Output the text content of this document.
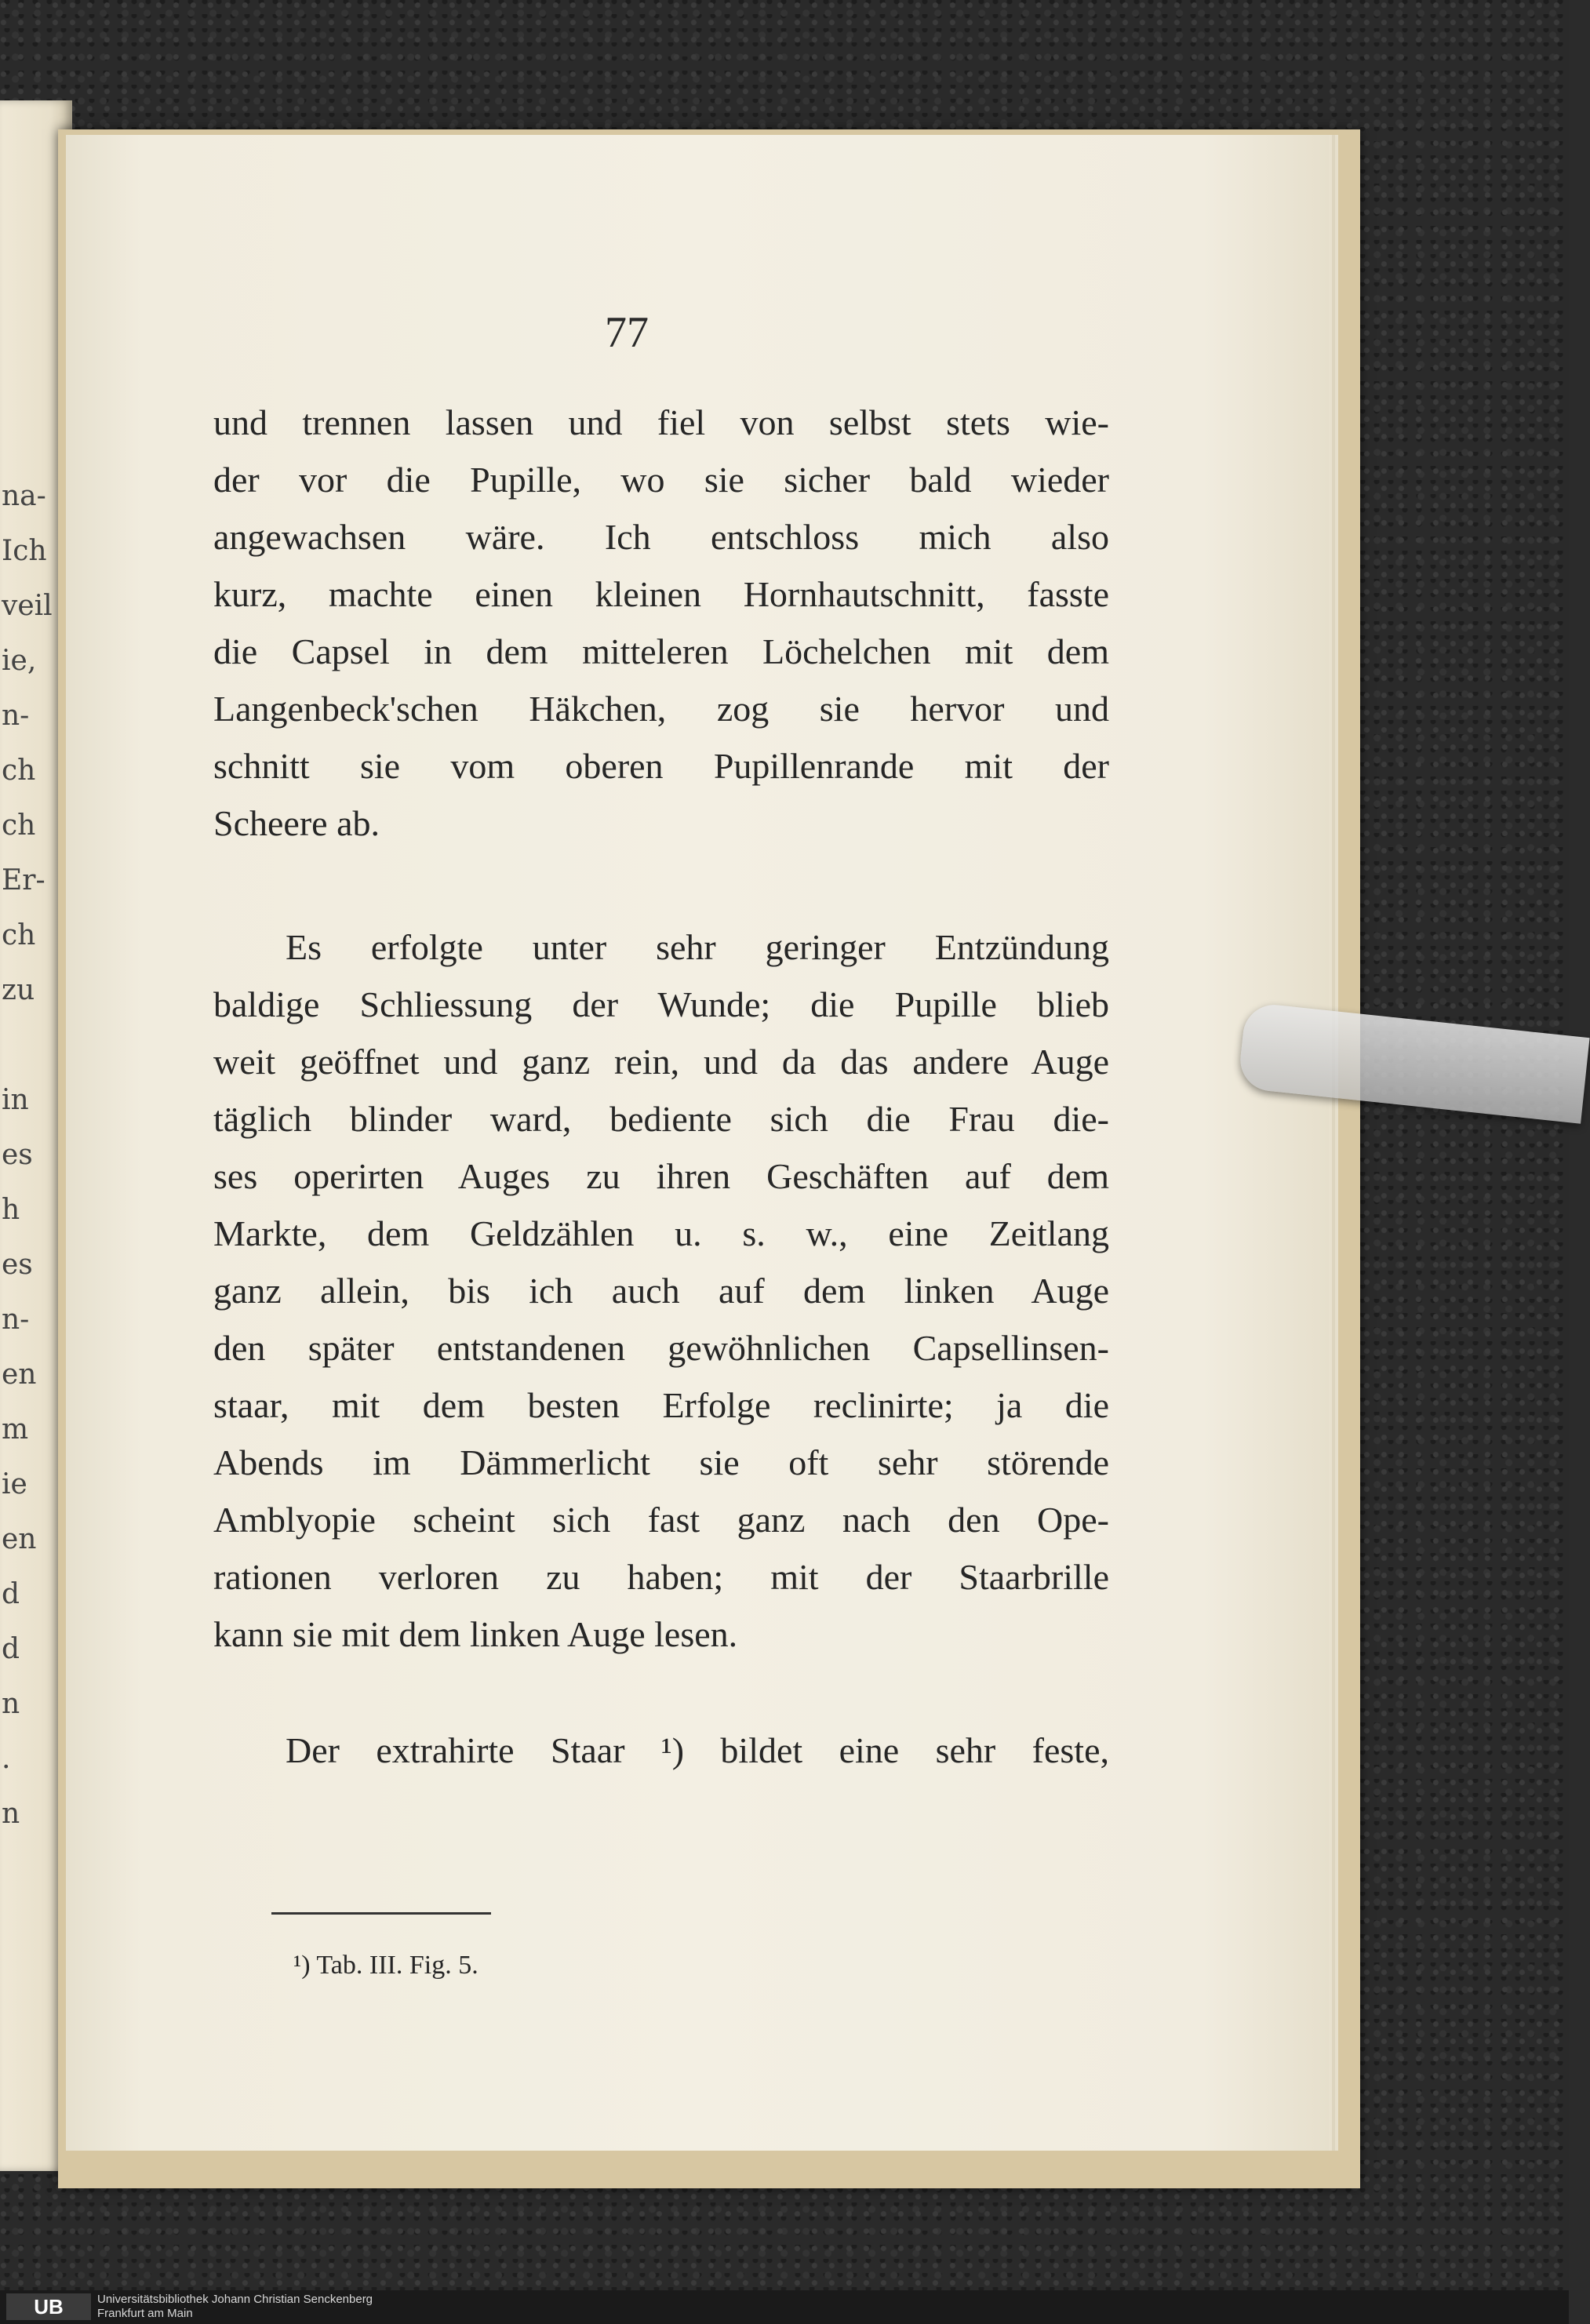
na-
Ich
veil
ie,
n-
ch
ch
Er-
ch
zu
in
es
h
es
n-
en
m
ie
en
d
d
n
.
n
77
und trennen lassen und fiel von selbst stets wie-
der vor die Pupille, wo sie sicher bald wieder
angewachsen wäre. Ich entschloss mich also
kurz, machte einen kleinen Hornhautschnitt, fasste
die Capsel in dem mitteleren Löchelchen mit dem
Langenbeck'schen Häkchen, zog sie hervor und
schnitt sie vom oberen Pupillenrande mit der
Scheere ab.
Es erfolgte unter sehr geringer Entzündung
baldige Schliessung der Wunde; die Pupille blieb
weit geöffnet und ganz rein, und da das andere Auge
täglich blinder ward, bediente sich die Frau die-
ses operirten Auges zu ihren Geschäften auf dem
Markte, dem Geldzählen u. s. w., eine Zeitlang
ganz allein, bis ich auch auf dem linken Auge
den später entstandenen gewöhnlichen Capsellinsen-
staar, mit dem besten Erfolge reclinirte; ja die
Abends im Dämmerlicht sie oft sehr störende
Amblyopie scheint sich fast ganz nach den Ope-
rationen verloren zu haben; mit der Staarbrille
kann sie mit dem linken Auge lesen.
Der extrahirte Staar ¹) bildet eine sehr feste,
¹) Tab. III. Fig. 5.
UB	Universitätsbibliothek Johann Christian Senckenberg
Frankfurt am Main
